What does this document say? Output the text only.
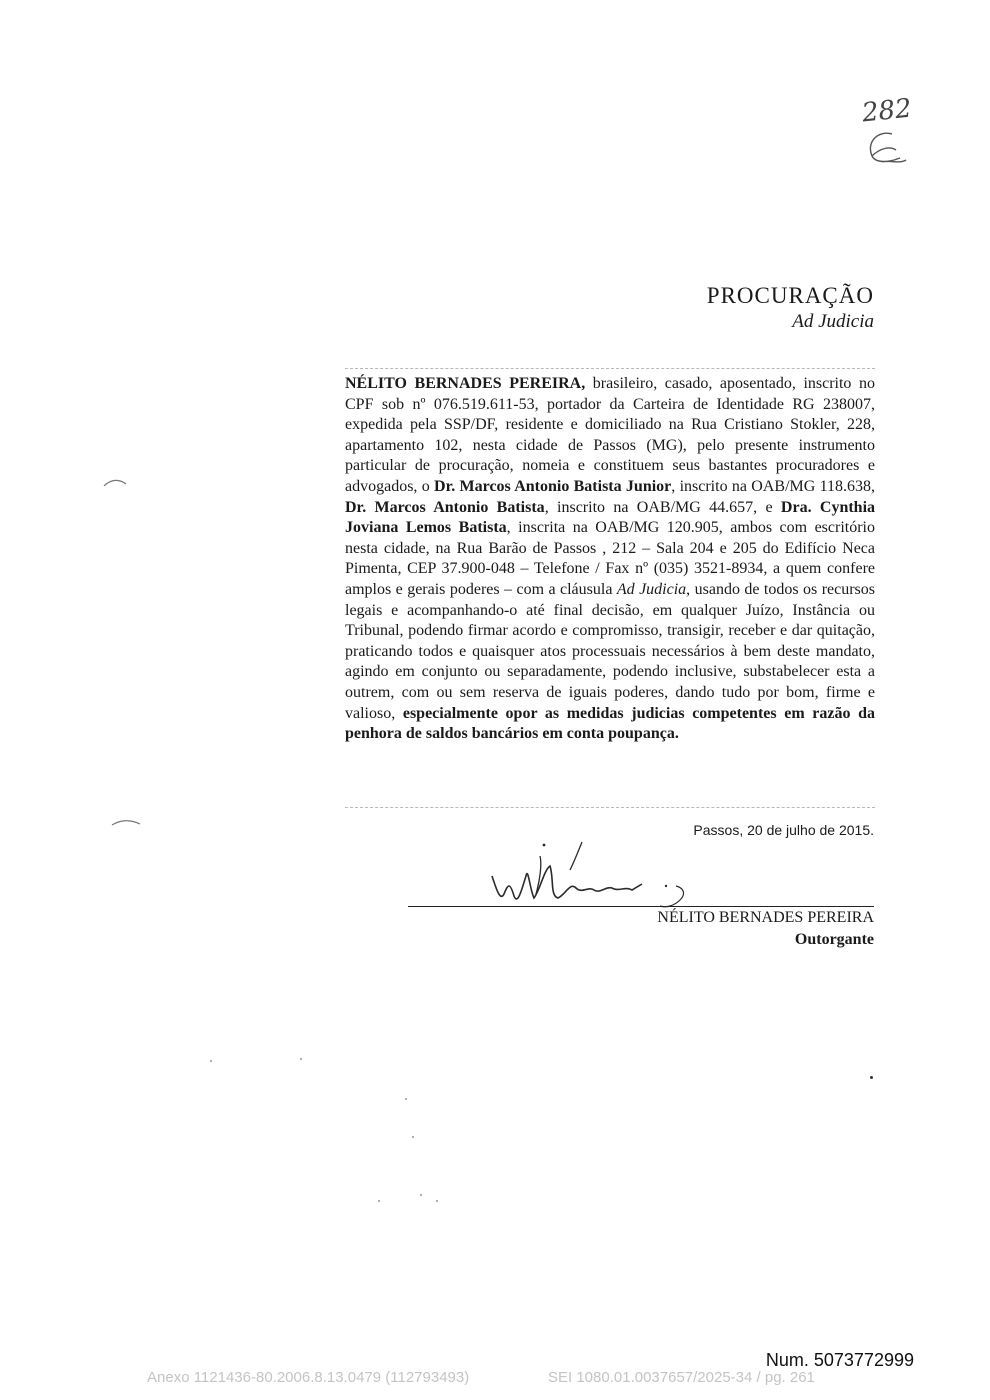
282
PROCURAÇÃO
Ad Judicia
NÉLITO BERNADES PEREIRA, brasileiro, casado, aposentado, inscrito no CPF sob nº 076.519.611-53, portador da Carteira de Identidade RG 238007, expedida pela SSP/DF, residente e domiciliado na Rua Cristiano Stokler, 228, apartamento 102, nesta cidade de Passos (MG), pelo presente instrumento particular de procuração, nomeia e constituem seus bastantes procuradores e advogados, o Dr. Marcos Antonio Batista Junior, inscrito na OAB/MG 118.638, Dr. Marcos Antonio Batista, inscrito na OAB/MG 44.657, e Dra. Cynthia Joviana Lemos Batista, inscrita na OAB/MG 120.905, ambos com escritório nesta cidade, na Rua Barão de Passos , 212 – Sala 204 e 205 do Edifício Neca Pimenta, CEP 37.900-048 – Telefone / Fax nº (035) 3521-8934, a quem confere amplos e gerais poderes – com a cláusula Ad Judicia, usando de todos os recursos legais e acompanhando-o até final decisão, em qualquer Juízo, Instância ou Tribunal, podendo firmar acordo e compromisso, transigir, receber e dar quitação, praticando todos e quaisquer atos processuais necessários à bem deste mandato, agindo em conjunto ou separadamente, podendo inclusive, substabelecer esta a outrem, com ou sem reserva de iguais poderes, dando tudo por bom, firme e valioso, especialmente opor as medidas judicias competentes em razão da penhora de saldos bancários em conta poupança.
Passos, 20 de julho de 2015.
NÉLITO BERNADES PEREIRA
Outorgante
Num. 5073772999
Anexo 1121436-80.2006.8.13.0479 (112793493)	SEI 1080.01.0037657/2025-34 / pg. 261
